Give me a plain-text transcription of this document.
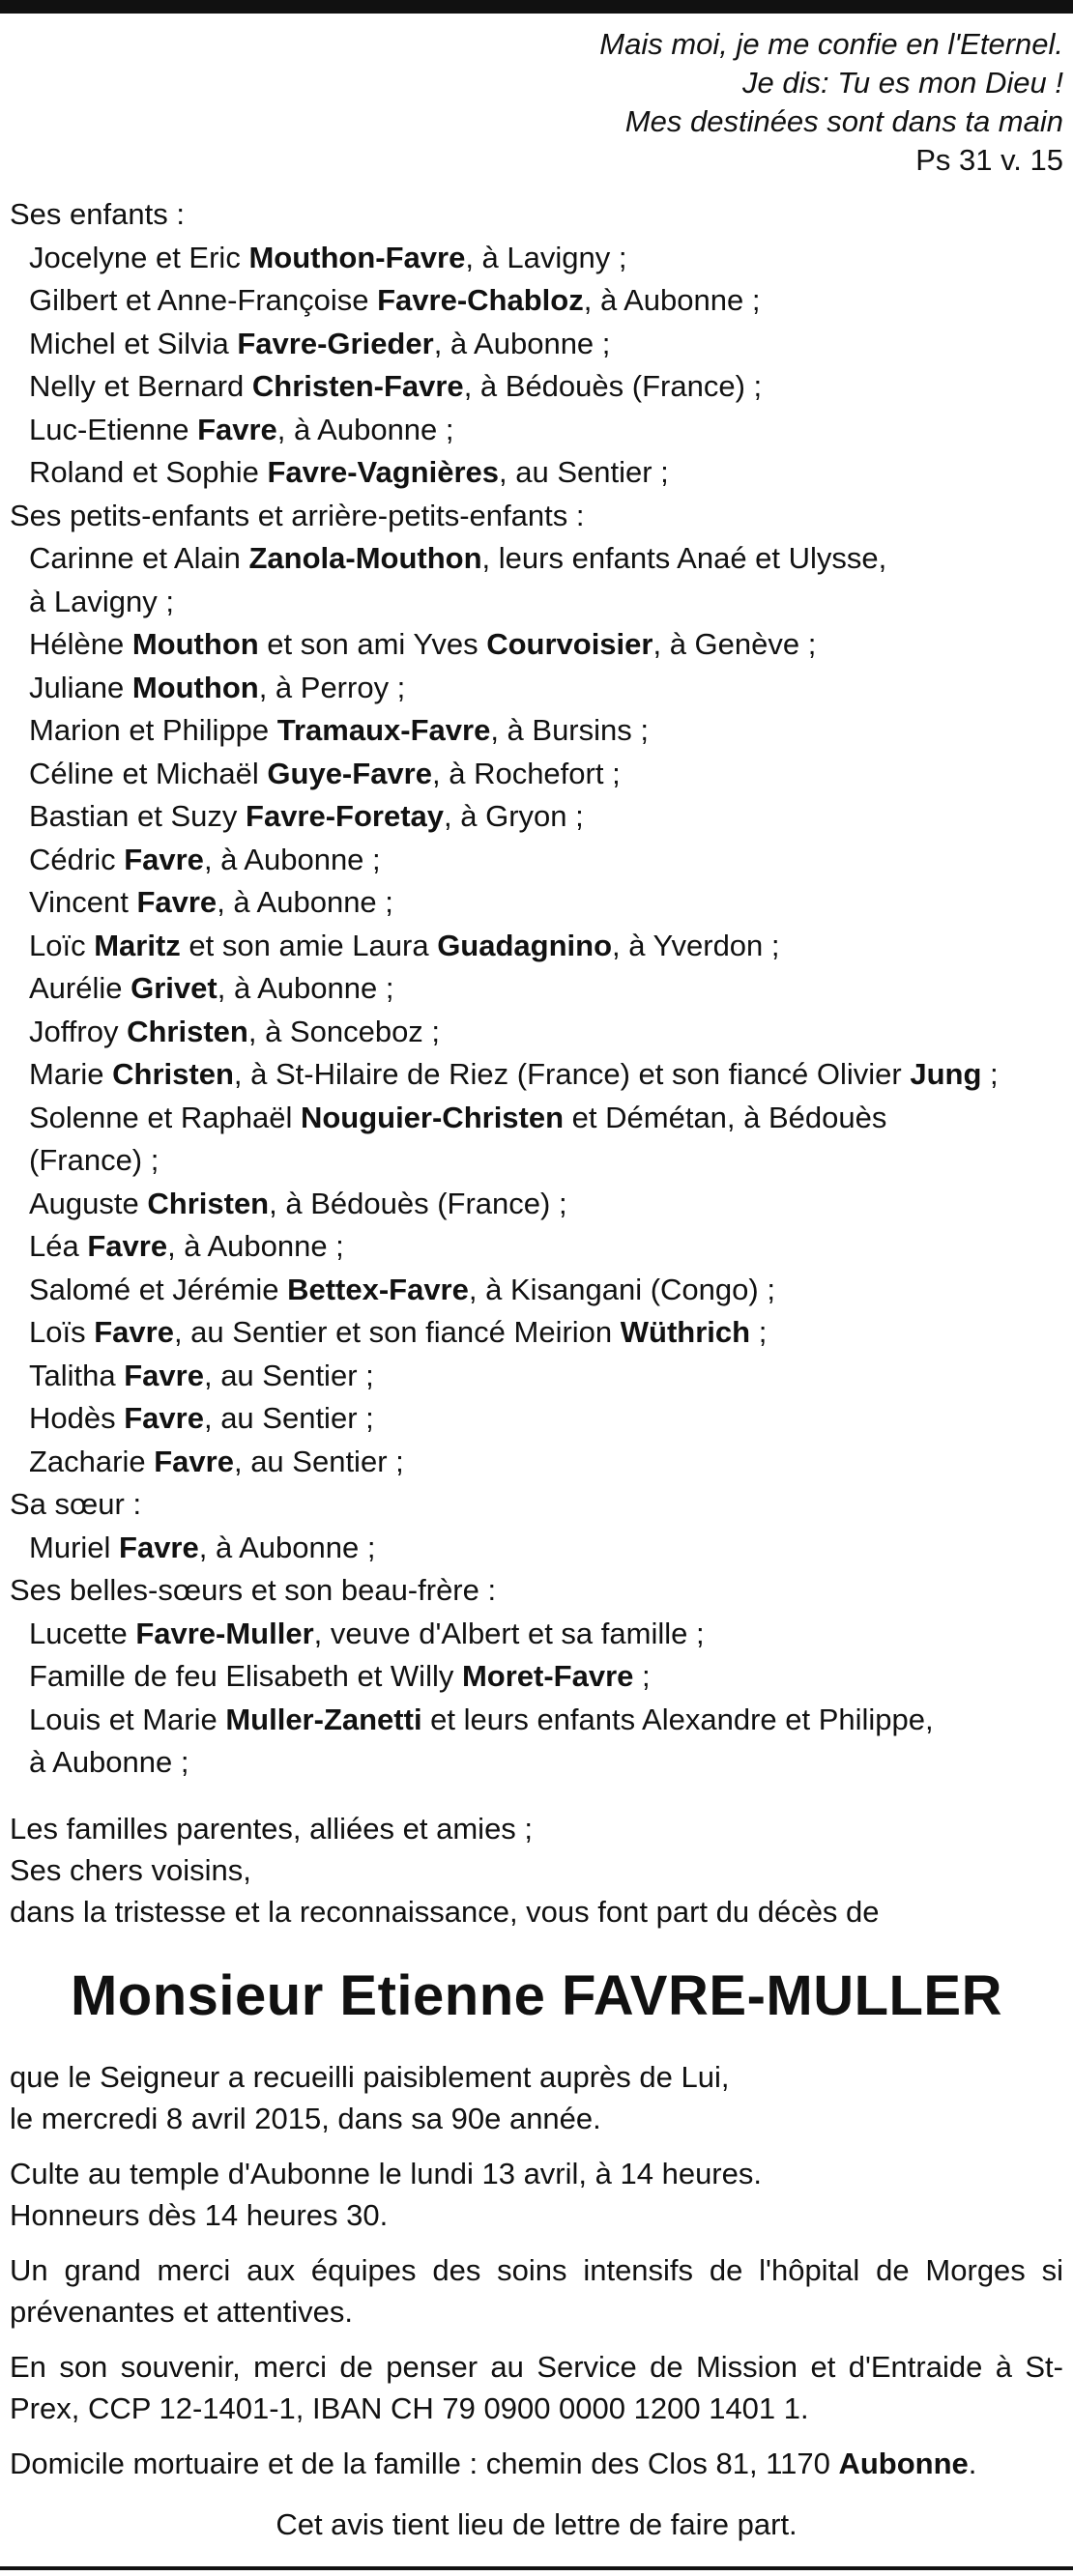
Mais moi, je me confie en l'Eternel.
Je dis: Tu es mon Dieu !
Mes destinées sont dans ta main
Ps 31 v. 15
Ses enfants :
Jocelyne et Eric Mouthon-Favre, à Lavigny ;
Gilbert et Anne-Françoise Favre-Chabloz, à Aubonne ;
Michel et Silvia Favre-Grieder, à Aubonne ;
Nelly et Bernard Christen-Favre, à Bédouès (France) ;
Luc-Etienne Favre, à Aubonne ;
Roland et Sophie Favre-Vagnières, au Sentier ;
Ses petits-enfants et arrière-petits-enfants :
Carinne et Alain Zanola-Mouthon, leurs enfants Anaé et Ulysse,
à Lavigny ;
Hélène Mouthon et son ami Yves Courvoisier, à Genève ;
Juliane Mouthon, à Perroy ;
Marion et Philippe Tramaux-Favre, à Bursins ;
Céline et Michaël Guye-Favre, à Rochefort ;
Bastian et Suzy Favre-Foretay, à Gryon ;
Cédric Favre, à Aubonne ;
Vincent Favre, à Aubonne ;
Loïc Maritz et son amie Laura Guadagnino, à Yverdon ;
Aurélie Grivet, à Aubonne ;
Joffroy Christen, à Sonceboz ;
Marie Christen, à St-Hilaire de Riez (France) et son fiancé Olivier Jung ;
Solenne et Raphaël Nouguier-Christen et Démétan, à Bédouès
(France) ;
Auguste Christen, à Bédouès (France) ;
Léa Favre, à Aubonne ;
Salomé et Jérémie Bettex-Favre, à Kisangani (Congo) ;
Loïs Favre, au Sentier et son fiancé Meirion Wüthrich ;
Talitha Favre, au Sentier ;
Hodès Favre, au Sentier ;
Zacharie Favre, au Sentier ;
Sa sœur :
Muriel Favre, à Aubonne ;
Ses belles-sœurs et son beau-frère :
Lucette Favre-Muller, veuve d'Albert et sa famille ;
Famille de feu Elisabeth et Willy Moret-Favre ;
Louis et Marie Muller-Zanetti et leurs enfants Alexandre et Philippe,
à Aubonne ;
Les familles parentes, alliées et amies ;
Ses chers voisins,
dans la tristesse et la reconnaissance, vous font part du décès de
Monsieur Etienne FAVRE-MULLER
que le Seigneur a recueilli paisiblement auprès de Lui,
le mercredi 8 avril 2015, dans sa 90e année.
Culte au temple d'Aubonne le lundi 13 avril, à 14 heures.
Honneurs dès 14 heures 30.
Un grand merci aux équipes des soins intensifs de l'hôpital de Morges si prévenantes et attentives.
En son souvenir, merci de penser au Service de Mission et d'Entraide à St-Prex, CCP 12-1401-1, IBAN CH 79 0900 0000 1200 1401 1.
Domicile mortuaire et de la famille : chemin des Clos 81, 1170 Aubonne.
Cet avis tient lieu de lettre de faire part.
